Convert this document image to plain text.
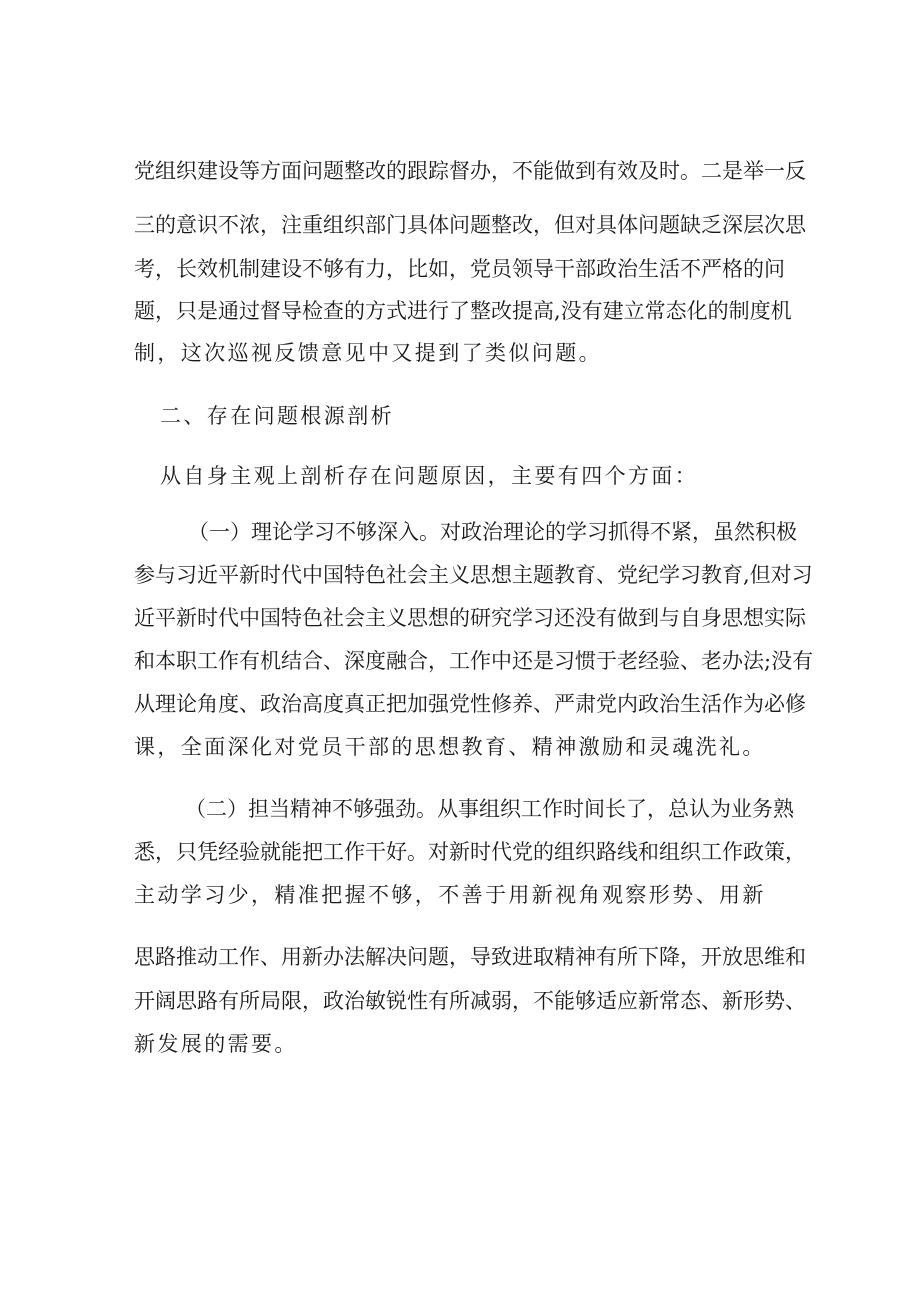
党组织建设等方面问题整改的跟踪督办，不能做到有效及时。二是举一反
三的意识不浓，注重组织部门具体问题整改，但对具体问题缺乏深层次思
考，长效机制建设不够有力，比如，党员领导干部政治生活不严格的问
题，只是通过督导检查的方式进行了整改提高,没有建立常态化的制度机
制，这次巡视反馈意见中又提到了类似问题。
二、存在问题根源剖析
从自身主观上剖析存在问题原因，主要有四个方面：
（一）理论学习不够深入。对政治理论的学习抓得不紧，虽然积极
参与习近平新时代中国特色社会主义思想主题教育、党纪学习教育,但对习
近平新时代中国特色社会主义思想的研究学习还没有做到与自身思想实际
和本职工作有机结合、深度融合，工作中还是习惯于老经验、老办法;没有
从理论角度、政治高度真正把加强党性修养、严肃党内政治生活作为必修
课，全面深化对党员干部的思想教育、精神激励和灵魂洗礼。
（二）担当精神不够强劲。从事组织工作时间长了，总认为业务熟
悉，只凭经验就能把工作干好。对新时代党的组织路线和组织工作政策，
主动学习少，精准把握不够，不善于用新视角观察形势、用新
思路推动工作、用新办法解决问题，导致进取精神有所下降，开放思维和
开阔思路有所局限，政治敏锐性有所减弱，不能够适应新常态、新形势、
新发展的需要。
